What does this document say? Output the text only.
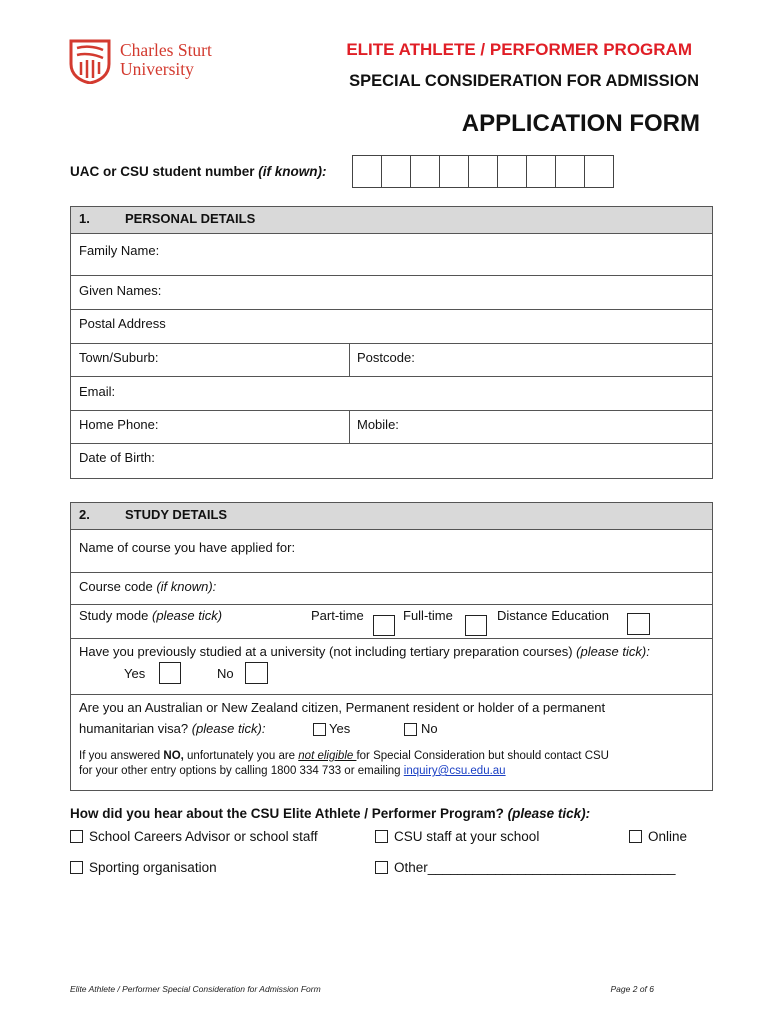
Charles Sturt
University
ELITE ATHLETE / PERFORMER PROGRAM
SPECIAL CONSIDERATION FOR ADMISSION
APPLICATION FORM
UAC or CSU student number (if known):
1.	PERSONAL DETAILS
Family Name:
Given Names:
Postal Address
Town/Suburb:	Postcode:
Email:
Home Phone:	Mobile:
Date of Birth:
2.	STUDY DETAILS
Name of course you have applied for:
Course code (if known):
Study mode (please tick)	Part-time	Full-time	Distance Education
Have you previously studied at a university (not including tertiary preparation courses) (please tick):
Yes	No
Are you an Australian or New Zealand citizen, Permanent resident or holder of a permanent
humanitarian visa? (please tick):	Yes	No
If you answered NO, unfortunately you are not eligible for Special Consideration but should contact CSU
for your other entry options by calling 1800 334 733 or emailing inquiry@csu.edu.au
How did you hear about the CSU Elite Athlete / Performer Program? (please tick):
School Careers Advisor or school staff	CSU staff at your school	Online
Sporting organisation	Other_________________________________
Elite Athlete / Performer Special Consideration for Admission Form	Page 2 of 6
